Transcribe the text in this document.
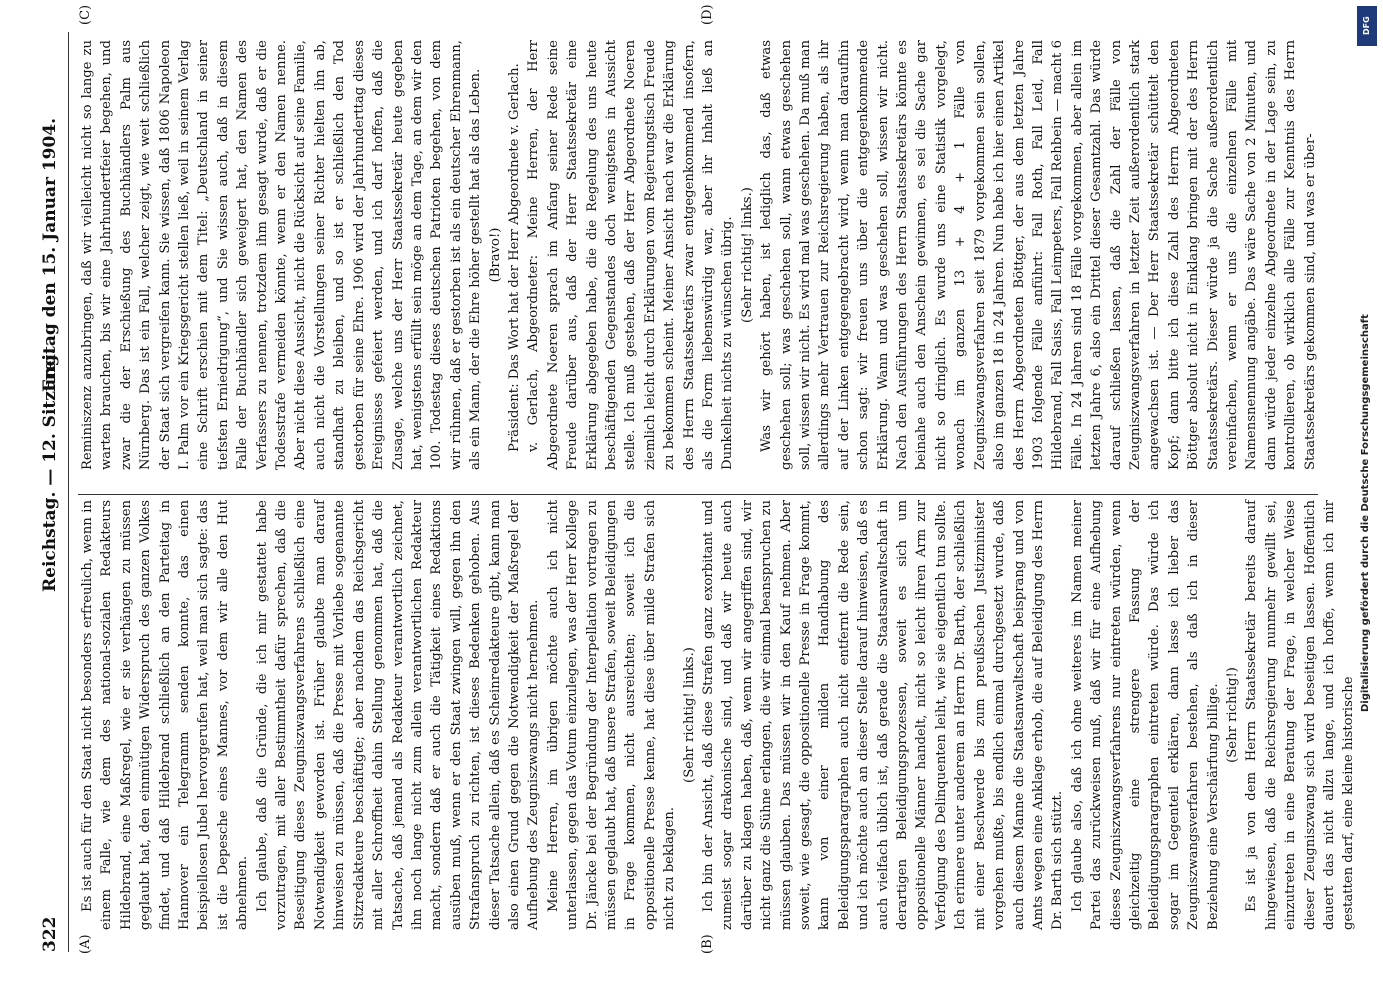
322
Reichstag. — 12. Sitzung.
Freitag den 15. Januar 1904.
(A)	(B)
(C)	(D)

Es ist auch für den Staat nicht besonders erfreulich, wenn in einem Falle, wie dem des national-sozialen Redakteurs Hildebrand, eine Maßregel, wie er sie verhängen zu müssen geglaubt hat, den einmütigen Widerspruch des ganzen Volkes findet, und daß Hildebrand schließlich an den Parteitag in Hannover ein Telegramm senden konnte, das einen beispiellosen Jubel hervorgerufen hat, weil man sich sagte: das ist die Depesche eines Mannes, vor dem wir alle den Hut abnehmen. Ich glaube, daß die Gründe, die ich mir gestattet habe vorzutragen, mit aller Bestimmtheit dafür sprechen, daß die Beseitigung dieses Zeugniszwangsverfahrens schließlich eine Notwendigkeit geworden ist. Früher glaubte man darauf hinweisen zu müssen, daß die Presse mit Vorliebe sogenannte Sitzredakteure beschäftigte; aber nachdem das Reichsgericht mit aller Schroffheit dahin Stellung genommen hat, daß die Tatsache, daß jemand als Redakteur verantwortlich zeichnet, ihn noch lange nicht zum allein verantwortlichen Redakteur macht, sondern daß er auch die Tätigkeit eines Redaktions ausüben muß, wenn er den Staat zwingen will, gegen ihn den Strafanspruch zu richten, ist dieses Bedenken gehoben. Aus dieser Tatsache allein, daß es Scheinredakteure gibt, kann man also einen Grund gegen die Notwendigkeit der Maßregel der Aufhebung des Zeugniszwangs nicht hernehmen. Meine Herren, im übrigen möchte auch ich nicht unterlassen, gegen das Votum einzulegen, was der Herr Kollege Dr. Jäncke bei der Begründung der Interpellation vortragen zu müssen geglaubt hat, daß unsere Strafen, soweit Beleidigungen in Frage kommen, nicht ausreichten; soweit ich die oppositionelle Presse kenne, hat diese über milde Strafen sich nicht zu beklagen.

(Sehr richtig! links.) Ich bin der Ansicht, daß diese Strafen ganz exorbitant und zumeist sogar drakonische sind, und daß wir heute auch darüber zu klagen haben, daß, wenn wir angegriffen sind, wir nicht ganz die Sühne erlangen, die wir einmal beanspruchen zu müssen glauben. Das müssen wir in den Kauf nehmen. Aber soweit, wie gesagt, die oppositionelle Presse in Frage kommt, kann von einer milden Handhabung des Beleidigungsparagraphen auch nicht entfernt die Rede sein, und ich möchte auch an dieser Stelle darauf hinweisen, daß es auch vielfach üblich ist, daß gerade die Staatsanwaltschaft in derartigen Beleidigungsprozessen, soweit es sich um oppositionelle Männer handelt, nicht so leicht ihren Arm zur Verfolgung des Delinquenten leiht, wie sie eigentlich tun sollte. Ich erinnere unter anderem an Herrn Dr. Barth, der schließlich mit einer Beschwerde bis zum preußischen Justizminister vorgehen mußte, bis endlich einmal durchgesetzt wurde, daß auch diesem Manne die Staatsanwaltschaft beisprang und von Amts wegen eine Anklage erhob, die auf Beleidigung des Herrn Dr. Barth sich stützt. Ich glaube also, daß ich ohne weiteres im Namen meiner Partei das zurückweisen muß, daß wir für eine Aufhebung dieses Zeugniszwangsverfahrens nur eintreten würden, wenn gleichzeitig eine strengere Fassung der Beleidigungsparagraphen eintreten würde. Das würde ich sogar im Gegenteil erklären, dann lasse ich lieber das Zeugniszwangsverfahren bestehen, als daß ich in dieser Beziehung eine Verschärfung billige. (Sehr richtig!) Es ist ja von dem Herrn Staatssekretär bereits darauf hingewiesen, daß die Reichsregierung nunmehr gewillt sei, einzutreten in eine Beratung der Frage, in welcher Weise dieser Zeugniszwang sich wird beseitigen lassen. Hoffentlich dauert das nicht allzu lange, und ich hoffe, wenn ich mir gestatten darf, eine kleine historische

Reminiszenz anzubringen, daß wir vielleicht nicht so lange zu warten brauchen, bis wir eine Jahrhundertfeier begehen, und zwar die der Erschießung des Buchhändlers Palm aus Nürnberg. Das ist ein Fall, welcher zeigt, wie weit schließlich der Staat sich vergreifen kann. Sie wissen, daß 1806 Napoleon I. Palm vor ein Kriegsgericht stellen ließ, weil in seinem Verlag eine Schrift erschien mit dem Titel: „Deutschland in seiner tiefsten Erniedrigung“, und Sie wissen auch, daß in diesem Falle der Buchhändler sich geweigert hat, den Namen des Verfassers zu nennen, trotzdem ihm gesagt wurde, daß er die Todesstrafe vermeiden könnte, wenn er den Namen nenne. Aber nicht diese Aussicht, nicht die Rücksicht auf seine Familie, auch nicht die Vorstellungen seiner Richter hielten ihn ab, standhaft zu bleiben, und so ist er schließlich den Tod gestorben für seine Ehre. 1906 wird der Jahrhunderttag dieses Ereignisses gefeiert werden, und ich darf hoffen, daß die Zusage, welche uns der Herr Staatssekretär heute gegeben hat, wenigstens erfüllt sein möge an dem Tage, an dem wir den 100. Todestag dieses deutschen Patrioten begehen, von dem wir rühmen, daß er gestorben ist als ein deutscher Ehrenmann, als ein Mann, der die Ehre höher gestellt hat als das Leben. (Bravo!) Präsident: Das Wort hat der Herr Abgeordnete v. Gerlach. v. Gerlach, Abgeordneter: Meine Herren, der Herr Abgeordnete Noeren sprach im Anfang seiner Rede seine Freude darüber aus, daß der Herr Staatssekretär eine Erklärung abgegeben habe, die die Regelung des uns heute beschäftigenden Gegenstandes doch wenigstens in Aussicht stelle. Ich muß gestehen, daß der Herr Abgeordnete Noeren ziemlich leicht durch Erklärungen vom Regierungstisch Freude zu bekommen scheint. Meiner Ansicht nach war die Erklärung des Herrn Staatssekretärs zwar entgegenkommend insofern, als die Form liebenswürdig war, aber ihr Inhalt ließ an Dunkelheit nichts zu wünschen übrig. (Sehr richtig! links.) Was wir gehört haben, ist lediglich das, daß etwas geschehen soll; was geschehen soll, wann etwas geschehen soll, wissen wir nicht. Es wird mal was geschehen. Da muß man allerdings mehr Vertrauen zur Reichsregierung haben, als ihr auf der Linken entgegengebracht wird, wenn man daraufhin schon sagt: wir freuen uns über die entgegenkommende Erklärung. Wann und was geschehen soll, wissen wir nicht. Nach den Ausführungen des Herrn Staatssekretärs könnte es beinahe auch den Anschein gewinnen, es sei die Sache gar nicht so dringlich. Es wurde uns eine Statistik vorgelegt, wonach im ganzen 13 + 4 + 1 Fälle von Zeugniszwangsverfahren seit 1879 vorgekommen sein sollen, also im ganzen 18 in 24 Jahren. Nun habe ich hier einen Artikel des Herrn Abgeordneten Böttger, der aus dem letzten Jahre 1903 folgende Fälle anführt: Fall Roth, Fall Leid, Fall Hildebrand, Fall Saiss, Fall Leimpeters, Fall Rehbein — macht 6 Fälle. In 24 Jahren sind 18 Fälle vorgekommen, aber allein im letzten Jahre 6, also ein Drittel dieser Gesamtzahl. Das würde darauf schließen lassen, daß die Zahl der Fälle von Zeugniszwangsverfahren in letzter Zeit außerordentlich stark angewachsen ist. — Der Herr Staatssekretär schüttelt den Kopf; dann bitte ich diese Zahl des Herrn Abgeordneten Böttger absolut nicht in Einklang bringen mit der des Herrn Staatssekretärs. Dieser würde ja die Sache außerordentlich vereinfachen, wenn er uns die einzelnen Fälle mit Namensnennung angäbe. Das wäre Sache von 2 Minuten, und dann würde jeder einzelne Abgeordnete in der Lage sein, zu kontrollieren, ob wirklich alle Fälle zur Kenntnis des Herrn Staatssekretärs gekommen sind, und was er über-

DFG
Digitalisierung gefördert durch die Deutsche Forschungsgemeinschaft
